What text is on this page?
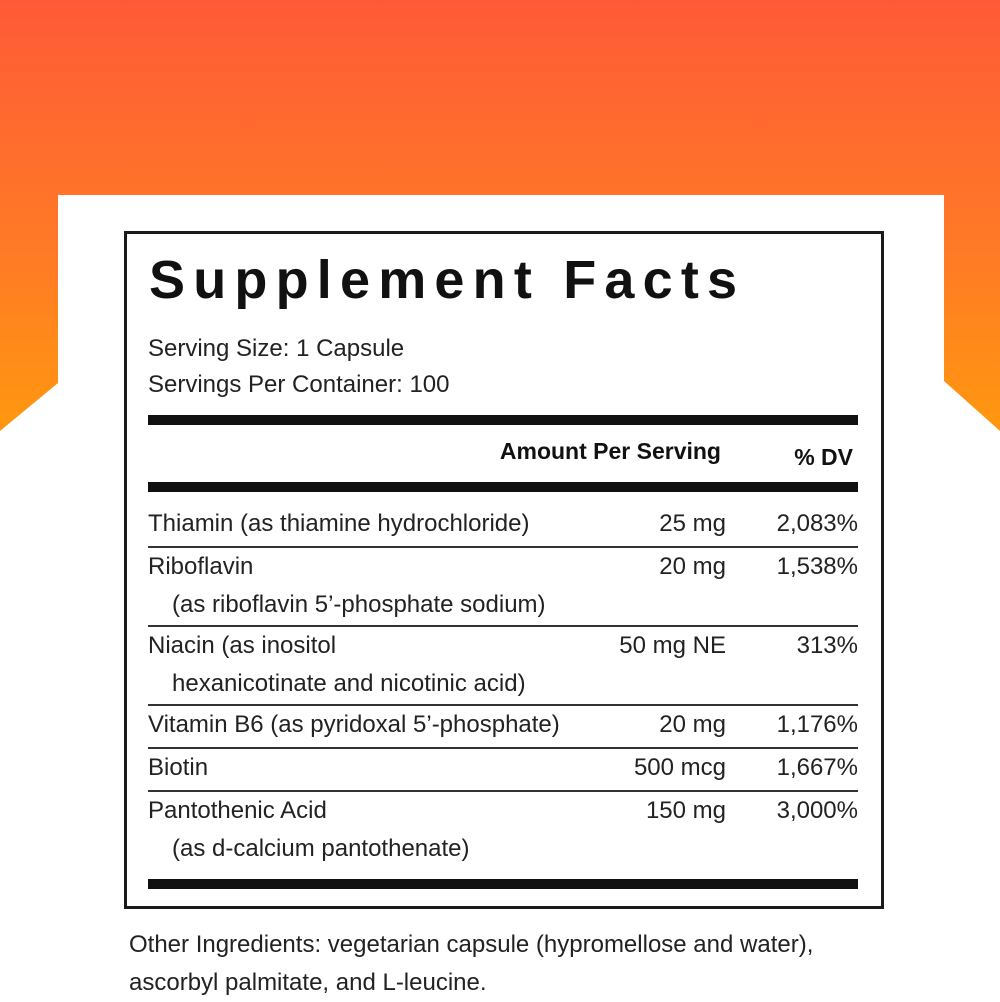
Supplement Facts
Serving Size: 1 Capsule
Servings Per Container: 100
Amount Per Serving	% DV
Thiamin (as thiamine hydrochloride)	25 mg 2,083%
Riboflavin
(as riboflavin 5’-phosphate sodium)
20 mg 1,538%
Niacin (as inositol
hexanicotinate and nicotinic acid)
50 mg NE	313%
Vitamin B6 (as pyridoxal 5’-phosphate)	20 mg 1,176%
Biotin	500 mcg 1,667%
Pantothenic Acid
(as d-calcium pantothenate)
150 mg 3,000%
Other Ingredients: vegetarian capsule (hypromellose and water),
ascorbyl palmitate, and L-leucine.
